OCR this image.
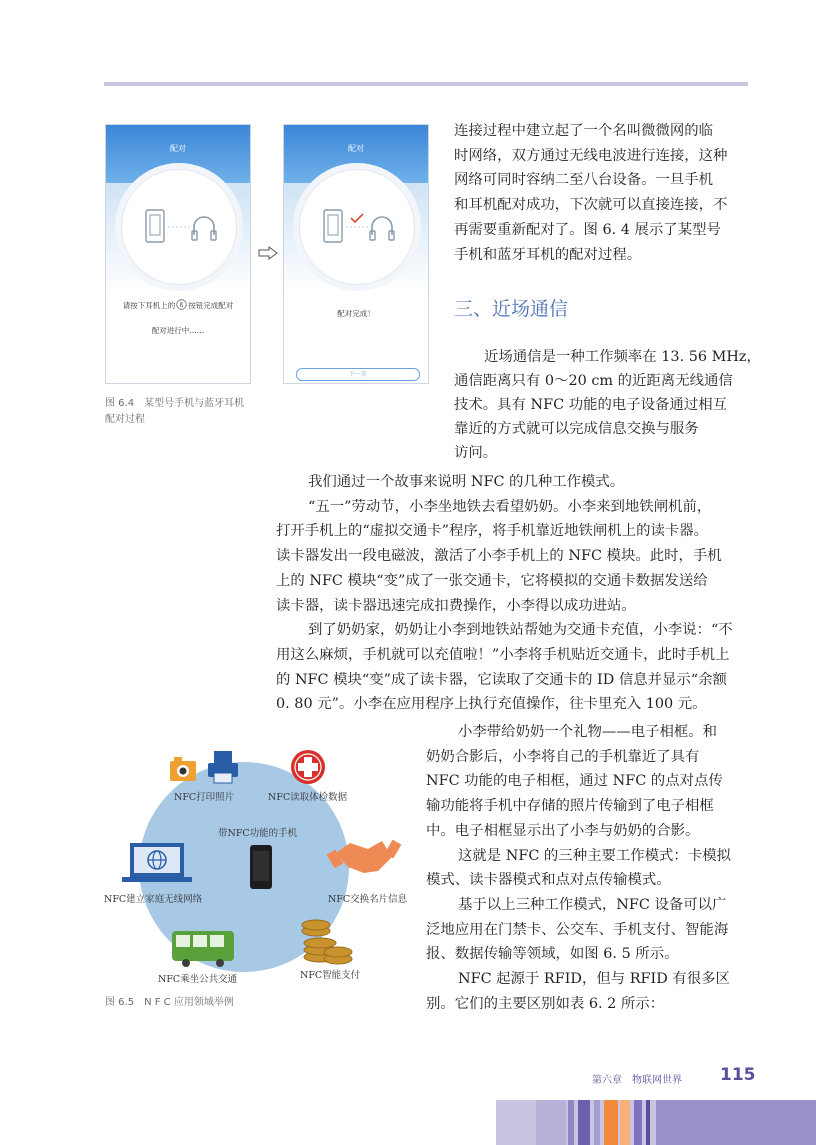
配对
请按下耳机上的 ß 按钮完成配对
配对进行中……
配对
配对完成！
下一步
图 6.4　某型号手机与蓝牙耳机
配对过程

连接过程中建立起了一个名叫微微网的临

时网络，双方通过无线电波进行连接，这种

网络可同时容纳二至八台设备。一旦手机

和耳机配对成功，下次就可以直接连接，不

再需要重新配对了。图 6. 4 展示了某型号

手机和蓝牙耳机的配对过程。

三、近场通信

近场通信是一种工作频率在 13. 56 MHz，

通信距离只有 0～20 cm 的近距离无线通信

技术。具有 NFC 功能的电子设备通过相互

靠近的方式就可以完成信息交换与服务

访问。

我们通过一个故事来说明 NFC 的几种工作模式。

“五一”劳动节，小李坐地铁去看望奶奶。小李来到地铁闸机前，

打开手机上的“虚拟交通卡”程序，将手机靠近地铁闸机上的读卡器。

读卡器发出一段电磁波，激活了小李手机上的 NFC 模块。此时，手机

上的 NFC 模块“变”成了一张交通卡，它将模拟的交通卡数据发送给

读卡器，读卡器迅速完成扣费操作，小李得以成功进站。

到了奶奶家，奶奶让小李到地铁站帮她为交通卡充值，小李说：“不

用这么麻烦，手机就可以充值啦！”小李将手机贴近交通卡，此时手机上

的 NFC 模块“变”成了读卡器，它读取了交通卡的 ID 信息并显示“余额

0. 80 元”。小李在应用程序上执行充值操作，往卡里充入 100 元。

小李带给奶奶一个礼物——电子相框。和

奶奶合影后，小李将自己的手机靠近了具有

NFC 功能的电子相框，通过 NFC 的点对点传

输功能将手机中存储的照片传输到了电子相框

中。电子相框显示出了小李与奶奶的合影。

这就是 NFC 的三种主要工作模式：卡模拟

模式、读卡器模式和点对点传输模式。

基于以上三种工作模式，NFC 设备可以广

泛地应用在门禁卡、公交车、手机支付、智能海

报、数据传输等领域，如图 6. 5 所示。

NFC 起源于 RFID，但与 RFID 有很多区

别。它们的主要区别如表 6. 2 所示：

NFC打印照片	NFC读取体检数据
带NFC功能的手机
NFC建立家庭无线网络	NFC交换名片信息
NFC乘坐公共交通	NFC智能支付
图 6.5　N F C 应用领域举例
第六章　物联网世界 115
